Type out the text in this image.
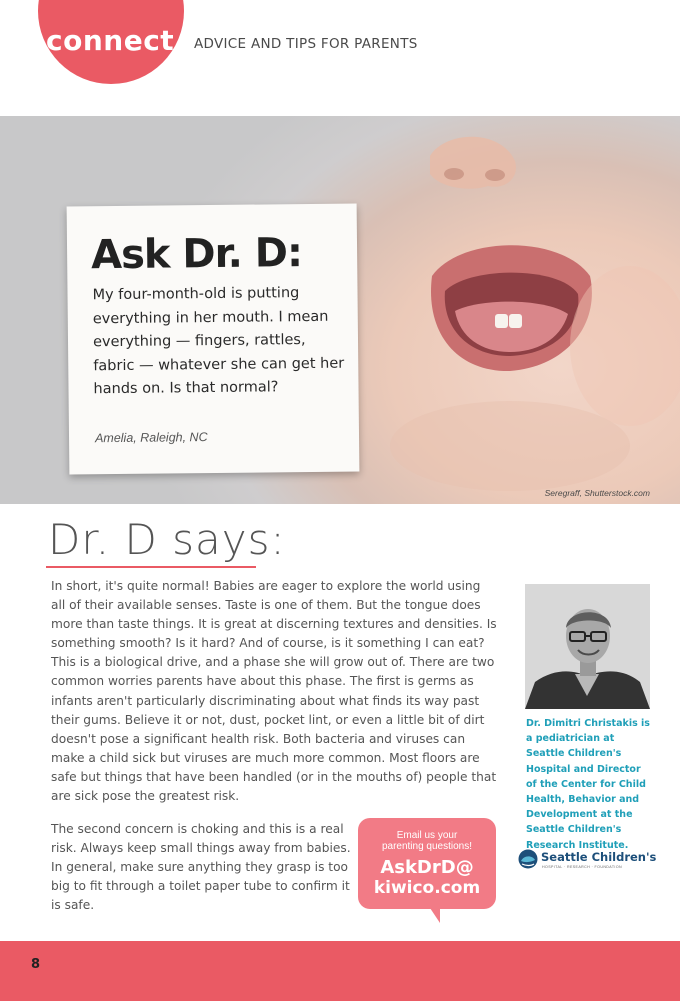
connect ADVICE AND TIPS FOR PARENTS
Seregraff, Shutterstock.com
Ask Dr. D:
My four-month-old is putting everything in her mouth. I mean everything — fingers, rattles, fabric — whatever she can get her hands on. Is that normal?
Amelia, Raleigh, NC
Dr. D says:

In short, it's quite normal! Babies are eager to explore the world using all of their available senses. Taste is one of them. But the tongue does more than taste things. It is great at discerning textures and densities. Is something smooth? Is it hard? And of course, is it something I can eat? This is a biological drive, and a phase she will grow out of. There are two common worries parents have about this phase. The first is germs as infants aren't particularly discriminating about what finds its way past their gums. Believe it or not, dust, pocket lint, or even a little bit of dirt doesn't pose a significant health risk. Both bacteria and viruses can make a child sick but viruses are much more common. Most floors are safe but things that have been handled (or in the mouths of) people that are sick pose the greatest risk.

The second concern is choking and this is a real risk. Always keep small things away from babies. In general, make sure anything they grasp is too big to fit through a toilet paper tube to confirm it is safe.

Dr. Dimitri Christakis is a pediatrician at Seattle Children's Hospital and Director of the Center for Child Health, Behavior and Development at the Seattle Children's Research Institute.

Seattle Children's
HOSPITAL · RESEARCH · FOUNDATION
Email us your
parenting questions!
AskDrD@
kiwico.com
8
